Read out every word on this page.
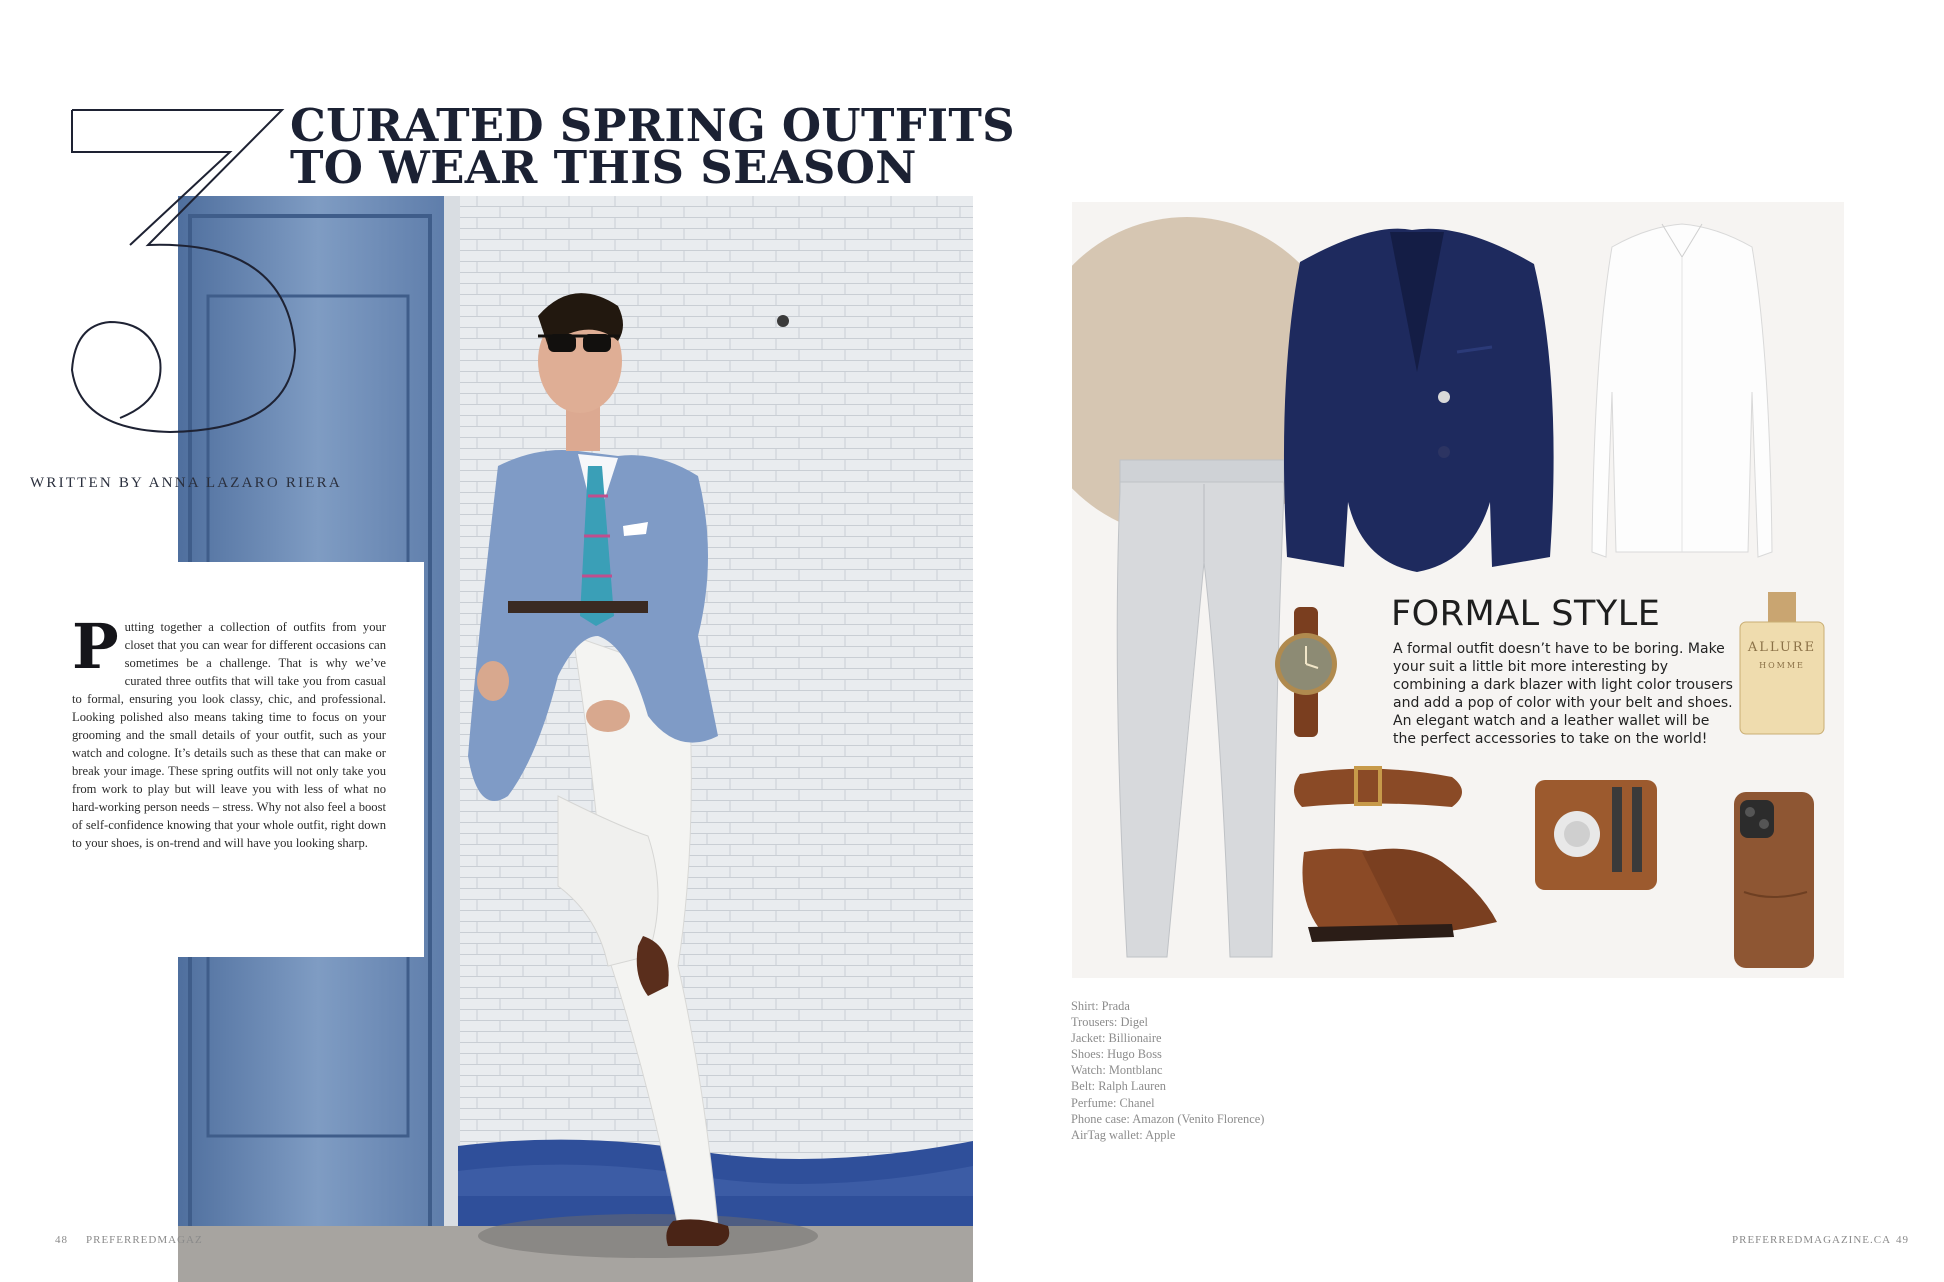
CURATED SPRING OUTFITS
TO WEAR THIS SEASON
WRITTEN BY ANNA LAZARO RIERA

Putting together a collection of outfits from your closet that you can wear for different occasions can sometimes be a challenge. That is why we’ve curated three outfits that will take you from casual to formal, ensuring you look classy, chic, and professional. Looking polished also means taking time to focus on your grooming and the small details of your outfit, such as your watch and cologne. It’s details such as these that can make or break your image. These spring outfits will not only take you from work to play but will leave you with less of what no hard-working person needs – stress. Why not also feel a boost of self-confidence knowing that your whole outfit, right down to your shoes, is on-trend and will have you looking sharp.

48 PREFERREDMAGAZ
ALLURE
HOMME
FORMAL STYLE

A formal outfit doesn’t have to be boring. Make your suit a little bit more interesting by combining a dark blazer with light color trousers and add a pop of color with your belt and shoes. An elegant watch and a leather wallet will be the perfect accessories to take on the world!

Shirt: Prada
Trousers: Digel
Jacket: Billionaire
Shoes: Hugo Boss
Watch: Montblanc
Belt: Ralph Lauren
Perfume: Chanel
Phone case: Amazon (Venito Florence)
AirTag wallet: Apple
PREFERREDMAGAZINE.CA 49
